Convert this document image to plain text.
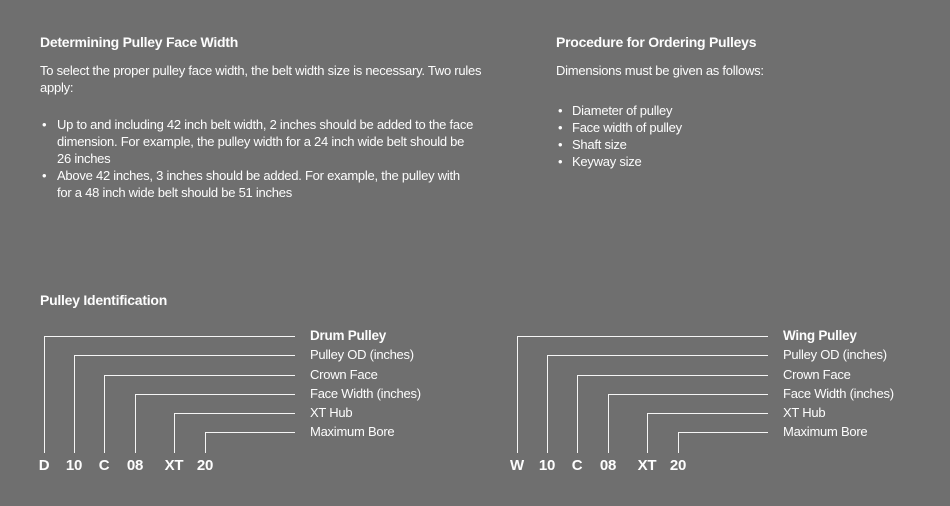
Determining Pulley Face Width

To select the proper pulley face width, the belt width size is necessary. Two rules apply:

• Up to and including 42 inch belt width, 2 inches should be added to the face dimension. For example, the pulley width for a 24 inch wide belt should be 26 inches
• Above 42 inches, 3 inches should be added. For example, the pulley with for a 48 inch wide belt should be 51 inches
Procedure for Ordering Pulleys

Dimensions must be given as follows:

• Diameter of pulley
• Face width of pulley
• Shaft size
• Keyway size
Pulley Identification
Drum Pulley
Pulley OD (inches)
Crown Face
Face Width (inches)
XT Hub
Maximum Bore
D	10	C	08	XT 20
Wing Pulley
Pulley OD (inches)
Crown Face
Face Width (inches)
XT Hub
Maximum Bore
W 10	C	08	XT 20
